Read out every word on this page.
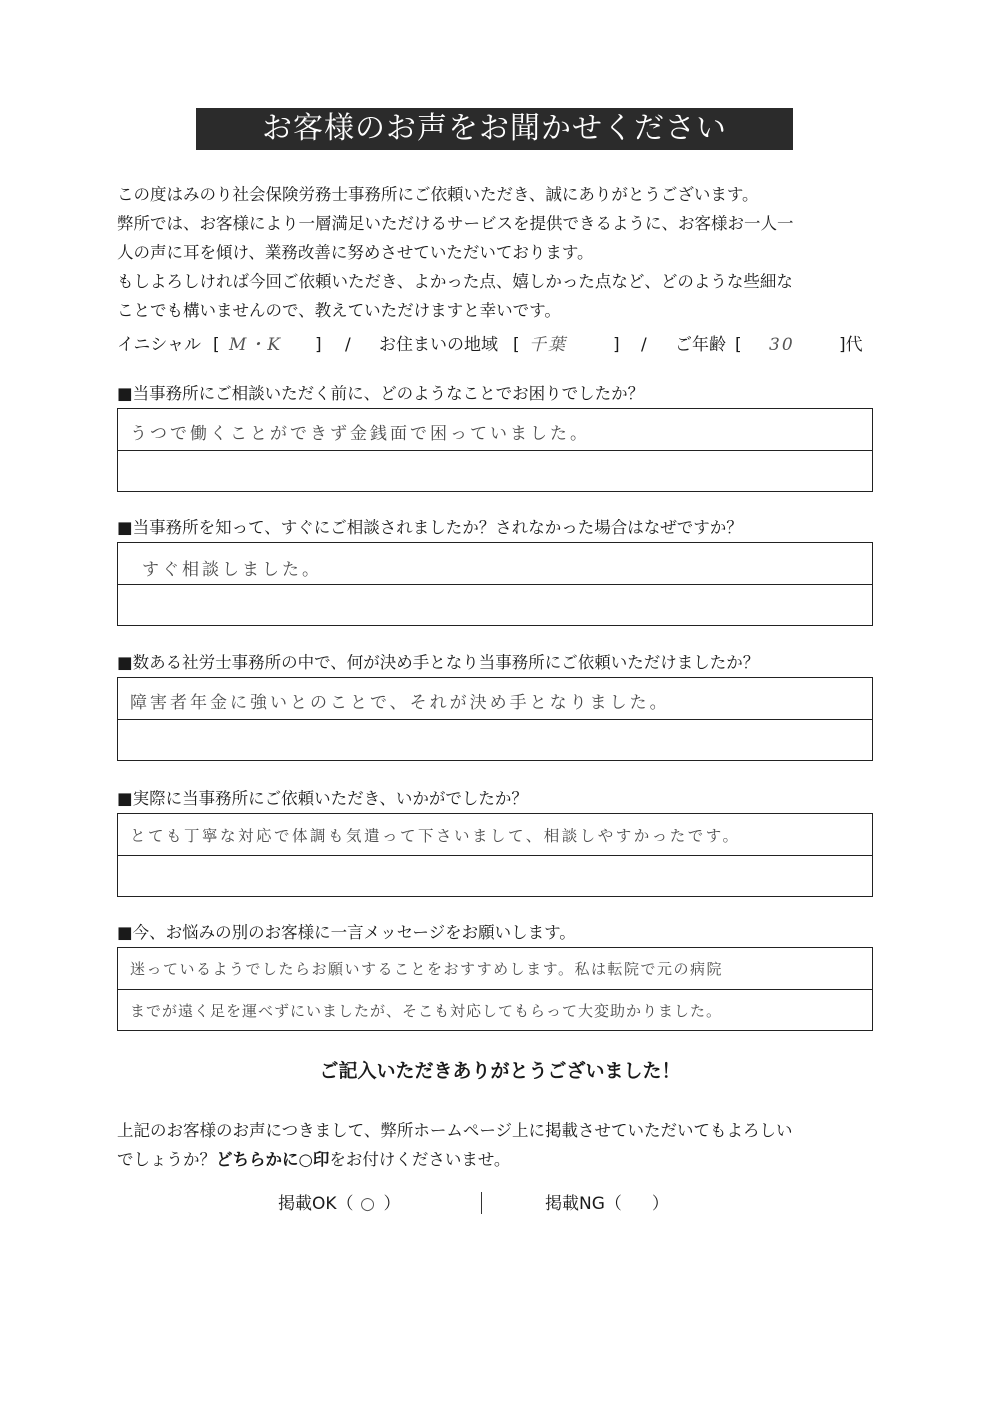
お客様のお声をお聞かせください

この度はみのり社会保険労務士事務所にご依頼いただき、誠にありがとうございます。

弊所では、お客様により一層満足いただけるサービスを提供できるように、お客様お一人一

人の声に耳を傾け、業務改善に努めさせていただいております。

もしよろしければ今回ご依頼いただき、よかった点、嬉しかった点など、どのような些細な

ことでも構いませんので、教えていただけますと幸いです。

イニシャル [ M・K ] / お住まいの地域 [ 千葉	] / ご年齢 [ 30	]代
■当事務所にご相談いただく前に、どのようなことでお困りでしたか？
うつで働くことができず金銭面で困っていました。
■当事務所を知って、すぐにご相談されましたか？されなかった場合はなぜですか？
すぐ相談しました。
■数ある社労士事務所の中で、何が決め手となり当事務所にご依頼いただけましたか？
障害者年金に強いとのことで、それが決め手となりました。
■実際に当事務所にご依頼いただき、いかがでしたか？
とても丁寧な対応で体調も気遣って下さいまして、相談しやすかったです。
■今、お悩みの別のお客様に一言メッセージをお願いします。
迷っているようでしたらお願いすることをおすすめします。私は転院で元の病院
までが遠く足を運べずにいましたが、そこも対応してもらって大変助かりました。
ご記入いただきありがとうございました！

上記のお客様のお声につきまして、弊所ホームページ上に掲載させていただいてもよろしい

でしょうか？どちらかに○印をお付けくださいませ。

掲載OK（ ○ ）	掲載NG（ ）
